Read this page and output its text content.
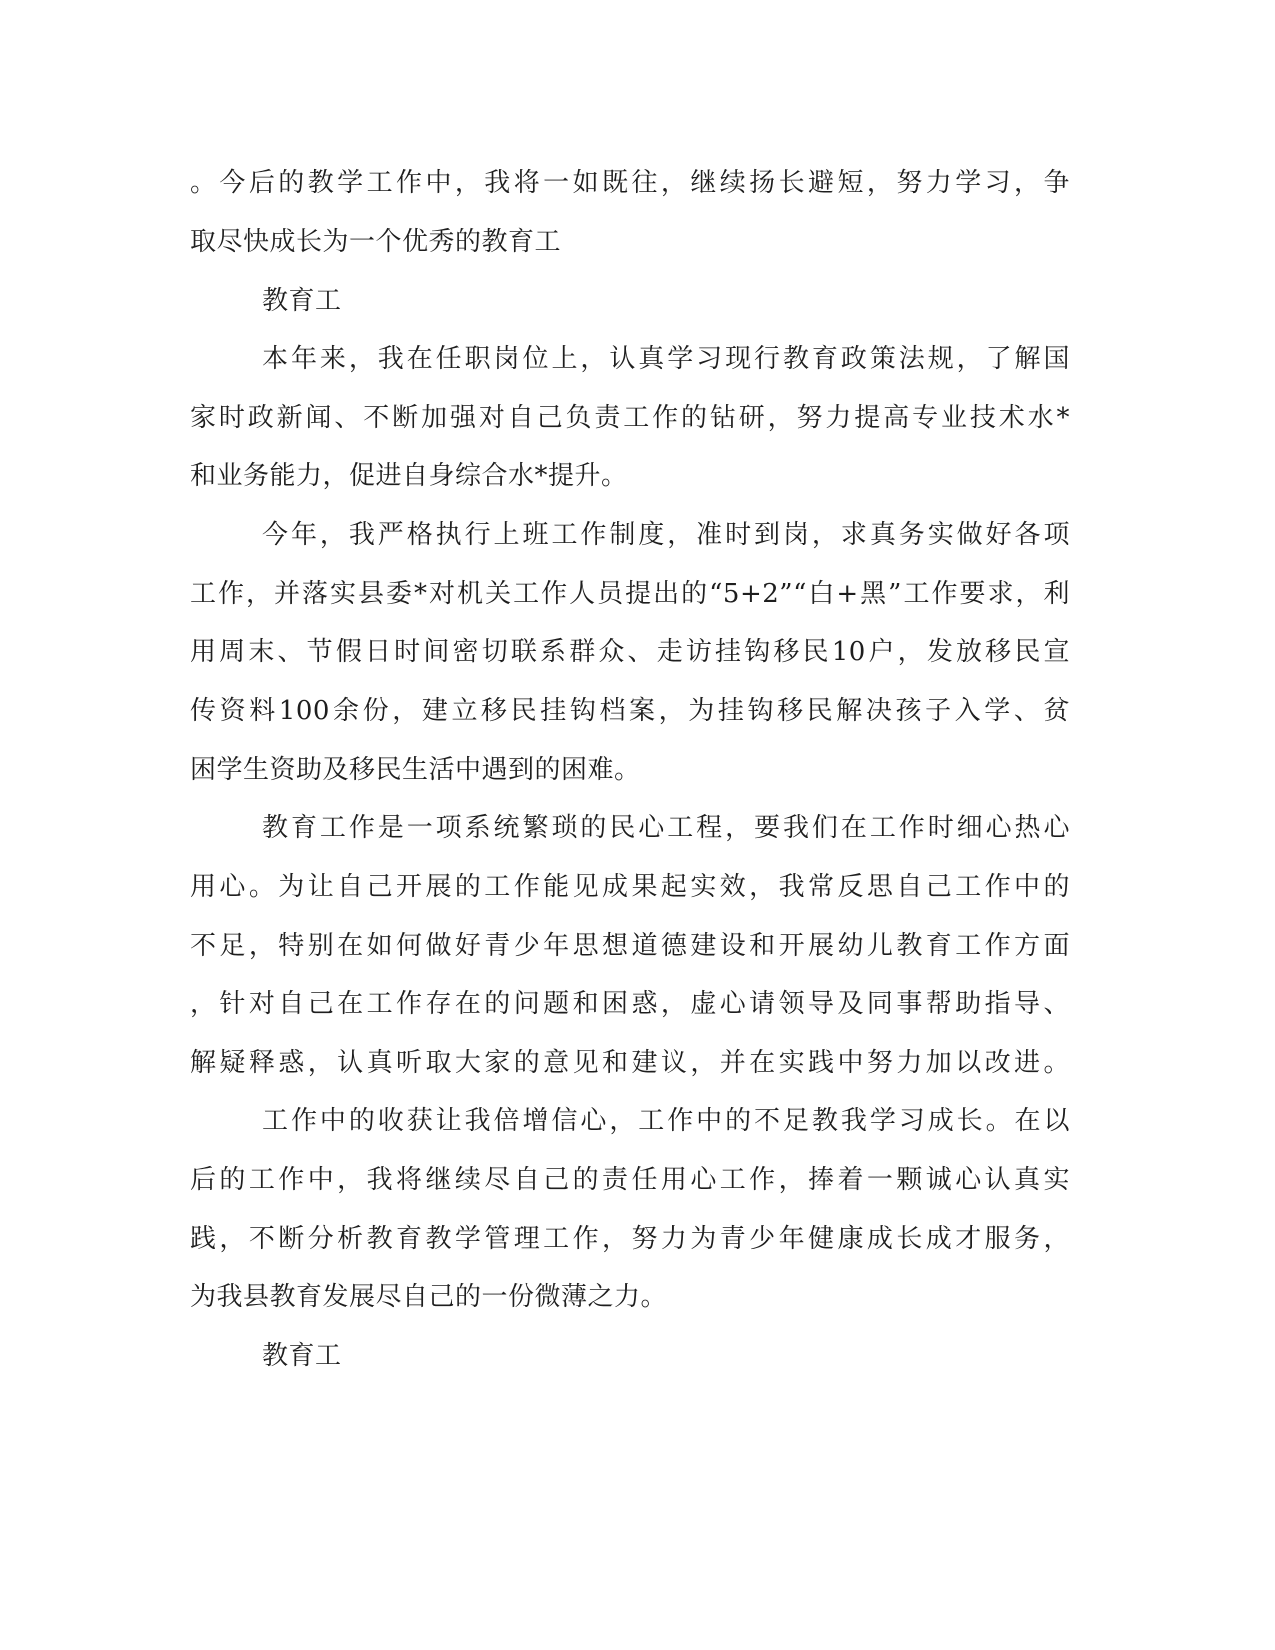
。今后的教学工作中，我将一如既往，继续扬长避短，努力学习，争

取尽快成长为一个优秀的教育工

教育工

本年来，我在任职岗位上，认真学习现行教育政策法规，了解国

家时政新闻、不断加强对自己负责工作的钻研，努力提高专业技术水*

和业务能力，促进自身综合水*提升。

今年，我严格执行上班工作制度，准时到岗，求真务实做好各项

工作，并落实县委*对机关工作人员提出的“5+2”“白+黑”工作要求，利

用周末、节假日时间密切联系群众、走访挂钩移民10户，发放移民宣

传资料100余份，建立移民挂钩档案，为挂钩移民解决孩子入学、贫

困学生资助及移民生活中遇到的困难。

教育工作是一项系统繁琐的民心工程，要我们在工作时细心热心

用心。为让自己开展的工作能见成果起实效，我常反思自己工作中的

不足，特别在如何做好青少年思想道德建设和开展幼儿教育工作方面

，针对自己在工作存在的问题和困惑，虚心请领导及同事帮助指导、

解疑释惑，认真听取大家的意见和建议，并在实践中努力加以改进。

工作中的收获让我倍增信心，工作中的不足教我学习成长。在以

后的工作中，我将继续尽自己的责任用心工作，捧着一颗诚心认真实

践，不断分析教育教学管理工作，努力为青少年健康成长成才服务，

为我县教育发展尽自己的一份微薄之力。

教育工
